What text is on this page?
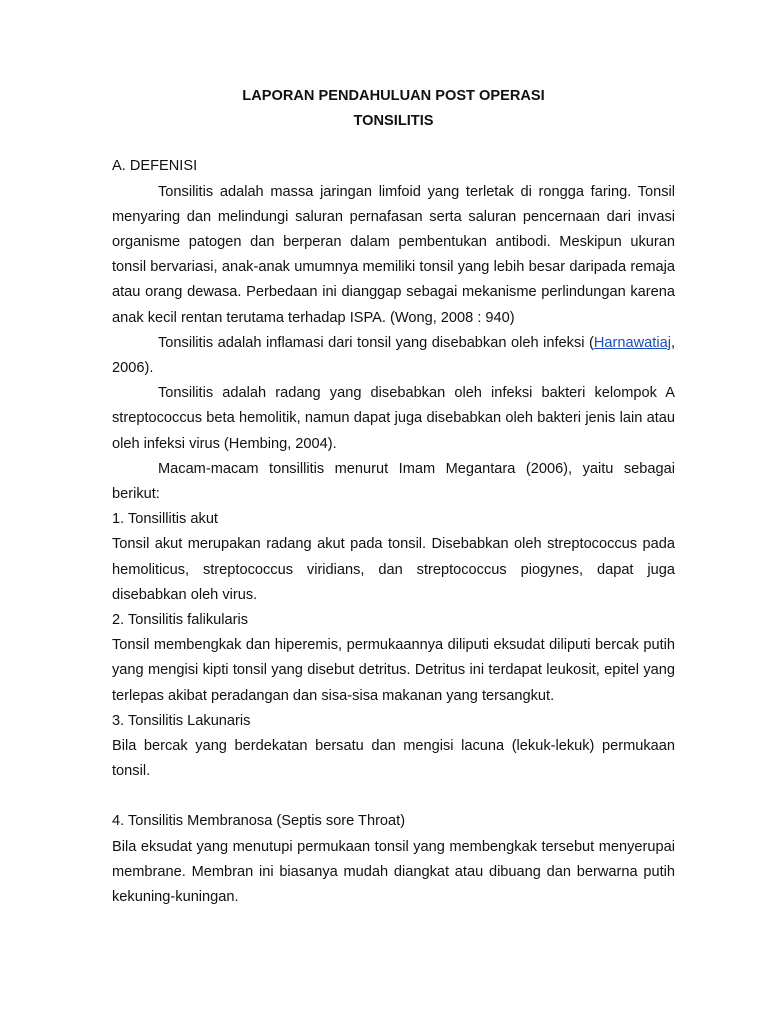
LAPORAN PENDAHULUAN POST OPERASI

TONSILITIS

A. DEFENISI

Tonsilitis adalah massa jaringan limfoid yang terletak di rongga faring. Tonsil menyaring dan melindungi saluran pernafasan serta saluran pencernaan dari invasi organisme patogen dan berperan dalam pembentukan antibodi. Meskipun ukuran tonsil bervariasi, anak-anak umumnya memiliki tonsil yang lebih besar daripada remaja atau orang dewasa. Perbedaan ini dianggap sebagai mekanisme perlindungan karena anak kecil rentan terutama terhadap ISPA. (Wong, 2008 : 940)

Tonsilitis adalah inflamasi dari tonsil yang disebabkan oleh infeksi (Harnawatiaj, 2006).

Tonsilitis adalah radang yang disebabkan oleh infeksi bakteri kelompok A streptococcus beta hemolitik, namun dapat juga disebabkan oleh bakteri jenis lain atau oleh infeksi virus (Hembing, 2004).

Macam-macam tonsillitis menurut Imam Megantara (2006), yaitu sebagai berikut:

1. Tonsillitis akut

Tonsil akut merupakan radang akut pada tonsil. Disebabkan oleh streptococcus pada hemoliticus, streptococcus viridians, dan streptococcus piogynes, dapat juga disebabkan oleh virus.

2. Tonsilitis falikularis

Tonsil membengkak dan hiperemis, permukaannya diliputi eksudat diliputi bercak putih yang mengisi kipti tonsil yang disebut detritus. Detritus ini terdapat leukosit, epitel yang terlepas akibat peradangan dan sisa-sisa makanan yang tersangkut.

3. Tonsilitis Lakunaris

Bila bercak yang berdekatan bersatu dan mengisi lacuna (lekuk-lekuk) permukaan tonsil.

4. Tonsilitis Membranosa (Septis sore Throat)

Bila eksudat yang menutupi permukaan tonsil yang membengkak tersebut menyerupai membrane. Membran ini biasanya mudah diangkat atau dibuang dan berwarna putih kekuning-kuningan.
